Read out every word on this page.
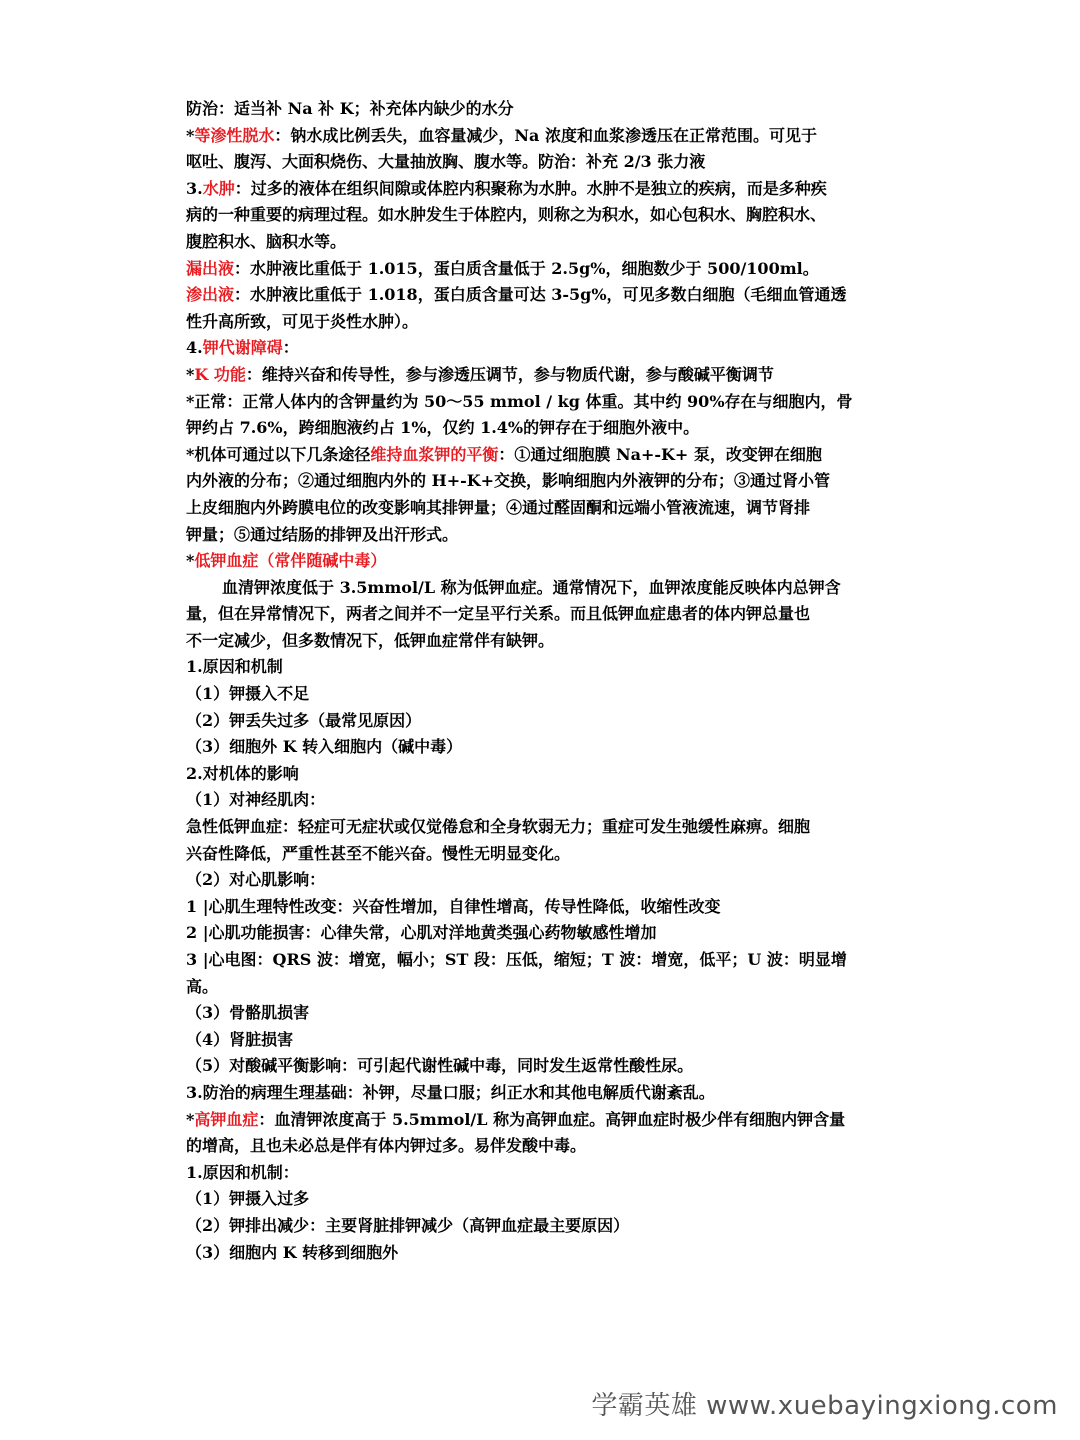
防治：适当补 Na 补 K；补充体内缺少的水分
*等渗性脱水：钠水成比例丢失，血容量减少，Na 浓度和血浆渗透压在正常范围。可见于
呕吐、腹泻、大面积烧伤、大量抽放胸、腹水等。防治：补充 2/3 张力液
3.水肿：过多的液体在组织间隙或体腔内积聚称为水肿。水肿不是独立的疾病，而是多种疾
病的一种重要的病理过程。如水肿发生于体腔内，则称之为积水，如心包积水、胸腔积水、
腹腔积水、脑积水等。
漏出液：水肿液比重低于 1.015，蛋白质含量低于 2.5g%，细胞数少于 500/100ml。
渗出液：水肿液比重低于 1.018，蛋白质含量可达 3-5g%，可见多数白细胞（毛细血管通透
性升高所致，可见于炎性水肿）。
4.钾代谢障碍：
*K 功能：维持兴奋和传导性，参与渗透压调节，参与物质代谢，参与酸碱平衡调节
*正常：正常人体内的含钾量约为 50～55 mmol / kg 体重。其中约 90%存在与细胞内，骨
钾约占 7.6%，跨细胞液约占 1%，仅约 1.4%的钾存在于细胞外液中。
*机体可通过以下几条途径维持血浆钾的平衡：①通过细胞膜 Na+-K+ 泵，改变钾在细胞
内外液的分布；②通过细胞内外的 H+-K+交换，影响细胞内外液钾的分布；③通过肾小管
上皮细胞内外跨膜电位的改变影响其排钾量；④通过醛固酮和远端小管液流速，调节肾排
钾量；⑤通过结肠的排钾及出汗形式。
*低钾血症（常伴随碱中毒）
血清钾浓度低于 3.5mmol/L 称为低钾血症。通常情况下，血钾浓度能反映体内总钾含
量，但在异常情况下，两者之间并不一定呈平行关系。而且低钾血症患者的体内钾总量也
不一定减少，但多数情况下，低钾血症常伴有缺钾。
1.原因和机制
（1）钾摄入不足
（2）钾丢失过多（最常见原因）
（3）细胞外 K 转入细胞内（碱中毒）
2.对机体的影响
（1）对神经肌肉：
急性低钾血症：轻症可无症状或仅觉倦怠和全身软弱无力；重症可发生弛缓性麻痹。细胞
兴奋性降低，严重性甚至不能兴奋。慢性无明显变化。
（2）对心肌影响：
1 |心肌生理特性改变：兴奋性增加，自律性增高，传导性降低，收缩性改变
2 |心肌功能损害：心律失常，心肌对洋地黄类强心药物敏感性增加
3 |心电图：QRS 波：增宽，幅小；ST 段：压低，缩短；T 波：增宽，低平；U 波：明显增
高。
（3）骨骼肌损害
（4）肾脏损害
（5）对酸碱平衡影响：可引起代谢性碱中毒，同时发生返常性酸性尿。
3.防治的病理生理基础：补钾，尽量口服；纠正水和其他电解质代谢紊乱。
*高钾血症：血清钾浓度高于 5.5mmol/L 称为高钾血症。高钾血症时极少伴有细胞内钾含量
的增高，且也未必总是伴有体内钾过多。易伴发酸中毒。
1.原因和机制：
（1）钾摄入过多
（2）钾排出减少：主要肾脏排钾减少（高钾血症最主要原因）
（3）细胞内 K 转移到细胞外
学霸英雄 www.xuebayingxiong.com
